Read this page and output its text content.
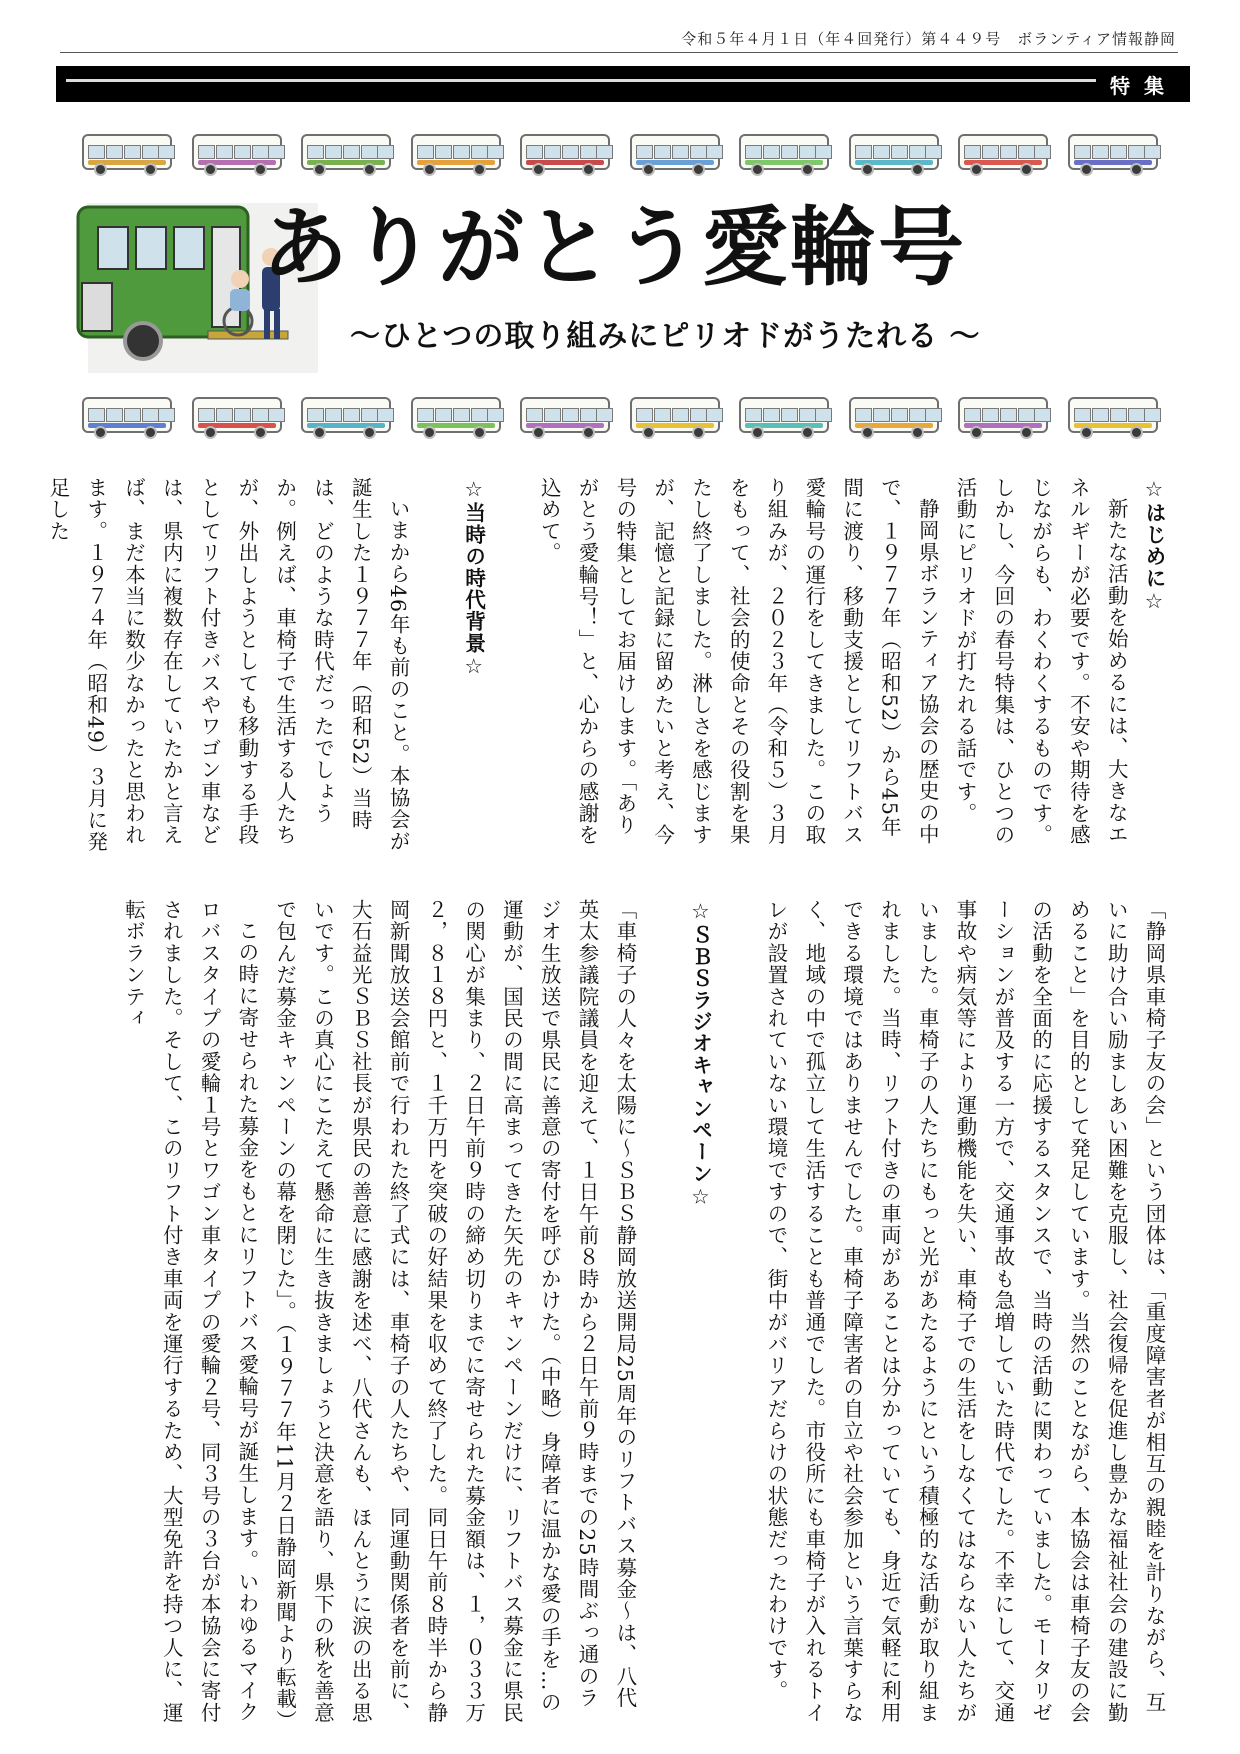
令和５年４月１日（年４回発行）第４４９号　ボランティア情報静岡
特集
ありがとう愛輪号
～ひとつの取り組みにピリオドがうたれる ～

☆はじめに☆

新たな活動を始めるには、大きなエネルギーが必要です。不安や期待を感じながらも、わくわくするものです。しかし、今回の春号特集は、ひとつの活動にピリオドが打たれる話です。

静岡県ボランティア協会の歴史の中で、１９７７年（昭和52）から45年間に渡り、移動支援としてリフトバス愛輪号の運行をしてきました。この取り組みが、２０２３年（令和５）３月をもって、社会的使命とその役割を果たし終了しました。淋しさを感じますが、記憶と記録に留めたいと考え、今号の特集としてお届けします。「ありがとう愛輪号！」と、心からの感謝を込めて。

☆当時の時代背景☆

いまから46年も前のこと。本協会が誕生した１９７７年（昭和52）当時は、どのような時代だったでしょうか。例えば、車椅子で生活する人たちが、外出しようとしても移動する手段としてリフト付きバスやワゴン車などは、県内に複数存在していたかと言えば、まだ本当に数少なかったと思われます。１９７４年（昭和49）３月に発足した

「静岡県車椅子友の会」という団体は、「重度障害者が相互の親睦を計りながら、互いに助け合い励ましあい困難を克服し、社会復帰を促進し豊かな福祉社会の建設に勤めること」を目的として発足しています。当然のことながら、本協会は車椅子友の会の活動を全面的に応援するスタンスで、当時の活動に関わっていました。モータリゼーションが普及する一方で、交通事故も急増していた時代でした。不幸にして、交通事故や病気等により運動機能を失い、車椅子での生活をしなくてはならない人たちがいました。車椅子の人たちにもっと光があたるようにという積極的な活動が取り組まれました。当時、リフト付きの車両があることは分かっていても、身近で気軽に利用できる環境ではありませんでした。車椅子障害者の自立や社会参加という言葉すらなく、地域の中で孤立して生活することも普通でした。市役所にも車椅子が入れるトイレが設置されていない環境ですので、街中がバリアだらけの状態だったわけです。

☆ＳＢＳラジオキャンペーン☆

「車椅子の人々を太陽に～ＳＢＳ静岡放送開局25周年のリフトバス募金～は、八代英太参議院議員を迎えて、１日午前８時から２日午前９時までの25時間ぶっ通のラジオ生放送で県民に善意の寄付を呼びかけた。（中略）身障者に温かな愛の手を…の運動が、国民の間に高まってきた矢先のキャンペーンだけに、リフトバス募金に県民の関心が集まり、２日午前９時の締め切りまでに寄せられた募金額は、１，０３３万２，８１８円と、１千万円を突破の好結果を収めて終了した。同日午前８時半から静岡新聞放送会館前で行われた終了式には、車椅子の人たちや、同運動関係者を前に、大石益光ＳＢＳ社長が県民の善意に感謝を述べ、八代さんも、ほんとうに涙の出る思いです。この真心にこたえて懸命に生き抜きましょうと決意を語り、県下の秋を善意で包んだ募金キャンペーンの幕を閉じた」。（１９７７年11月２日静岡新聞より転載）

この時に寄せられた募金をもとにリフトバス愛輪号が誕生します。いわゆるマイクロバスタイプの愛輪１号とワゴン車タイプの愛輪２号、同３号の３台が本協会に寄付されました。そして、このリフト付き車両を運行するため、大型免許を持つ人に、運転ボランティ
